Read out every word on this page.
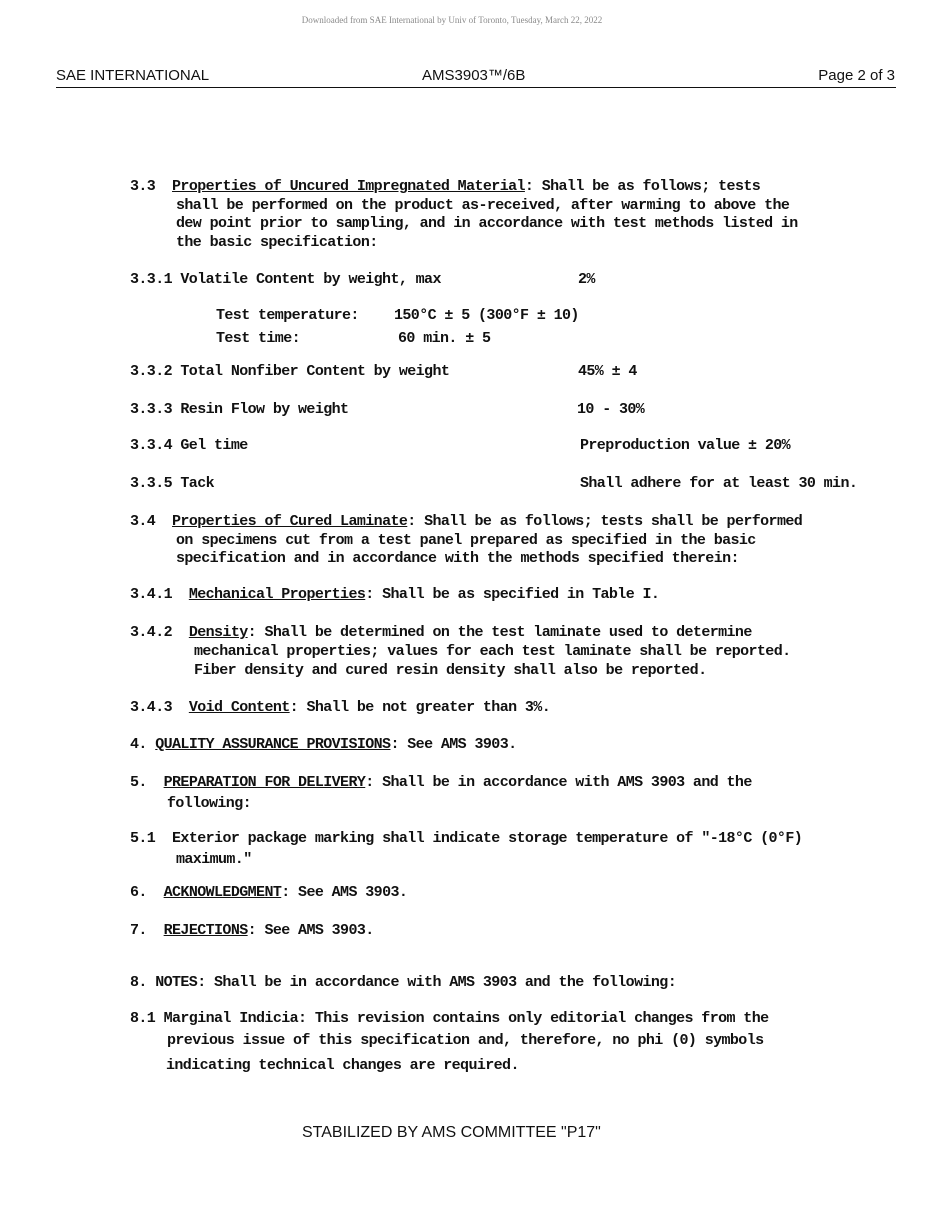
Downloaded from SAE International by Univ of Toronto, Tuesday, March 22, 2022
SAE INTERNATIONAL	AMS3903™/6B	Page 2 of 3
3.3 Properties of Uncured Impregnated Material: Shall be as follows; tests
shall be performed on the product as-received, after warming to above the
dew point prior to sampling, and in accordance with test methods listed in
the basic specification:
3.3.1 Volatile Content by weight, max	2%
Test temperature: 150°C ± 5 (300°F ± 10)
Test time:	60 min. ± 5
3.3.2 Total Nonfiber Content by weight	45% ± 4
3.3.3 Resin Flow by weight	10 - 30%
3.3.4 Gel time	Preproduction value ± 20%
3.3.5 Tack	Shall adhere for at least 30 min.
3.4 Properties of Cured Laminate: Shall be as follows; tests shall be performed
on specimens cut from a test panel prepared as specified in the basic
specification and in accordance with the methods specified therein:
3.4.1 Mechanical Properties: Shall be as specified in Table I.
3.4.2 Density: Shall be determined on the test laminate used to determine
mechanical properties; values for each test laminate shall be reported.
Fiber density and cured resin density shall also be reported.
3.4.3 Void Content: Shall be not greater than 3%.
4. QUALITY ASSURANCE PROVISIONS: See AMS 3903.
5. PREPARATION FOR DELIVERY: Shall be in accordance with AMS 3903 and the
following:
5.1 Exterior package marking shall indicate storage temperature of "-18°C (0°F)
maximum."
6. ACKNOWLEDGMENT: See AMS 3903.
7. REJECTIONS: See AMS 3903.
8. NOTES: Shall be in accordance with AMS 3903 and the following:
8.1 Marginal Indicia: This revision contains only editorial changes from the
previous issue of this specification and, therefore, no phi (0) symbols
indicating technical changes are required.
STABILIZED BY AMS COMMITTEE "P17"
